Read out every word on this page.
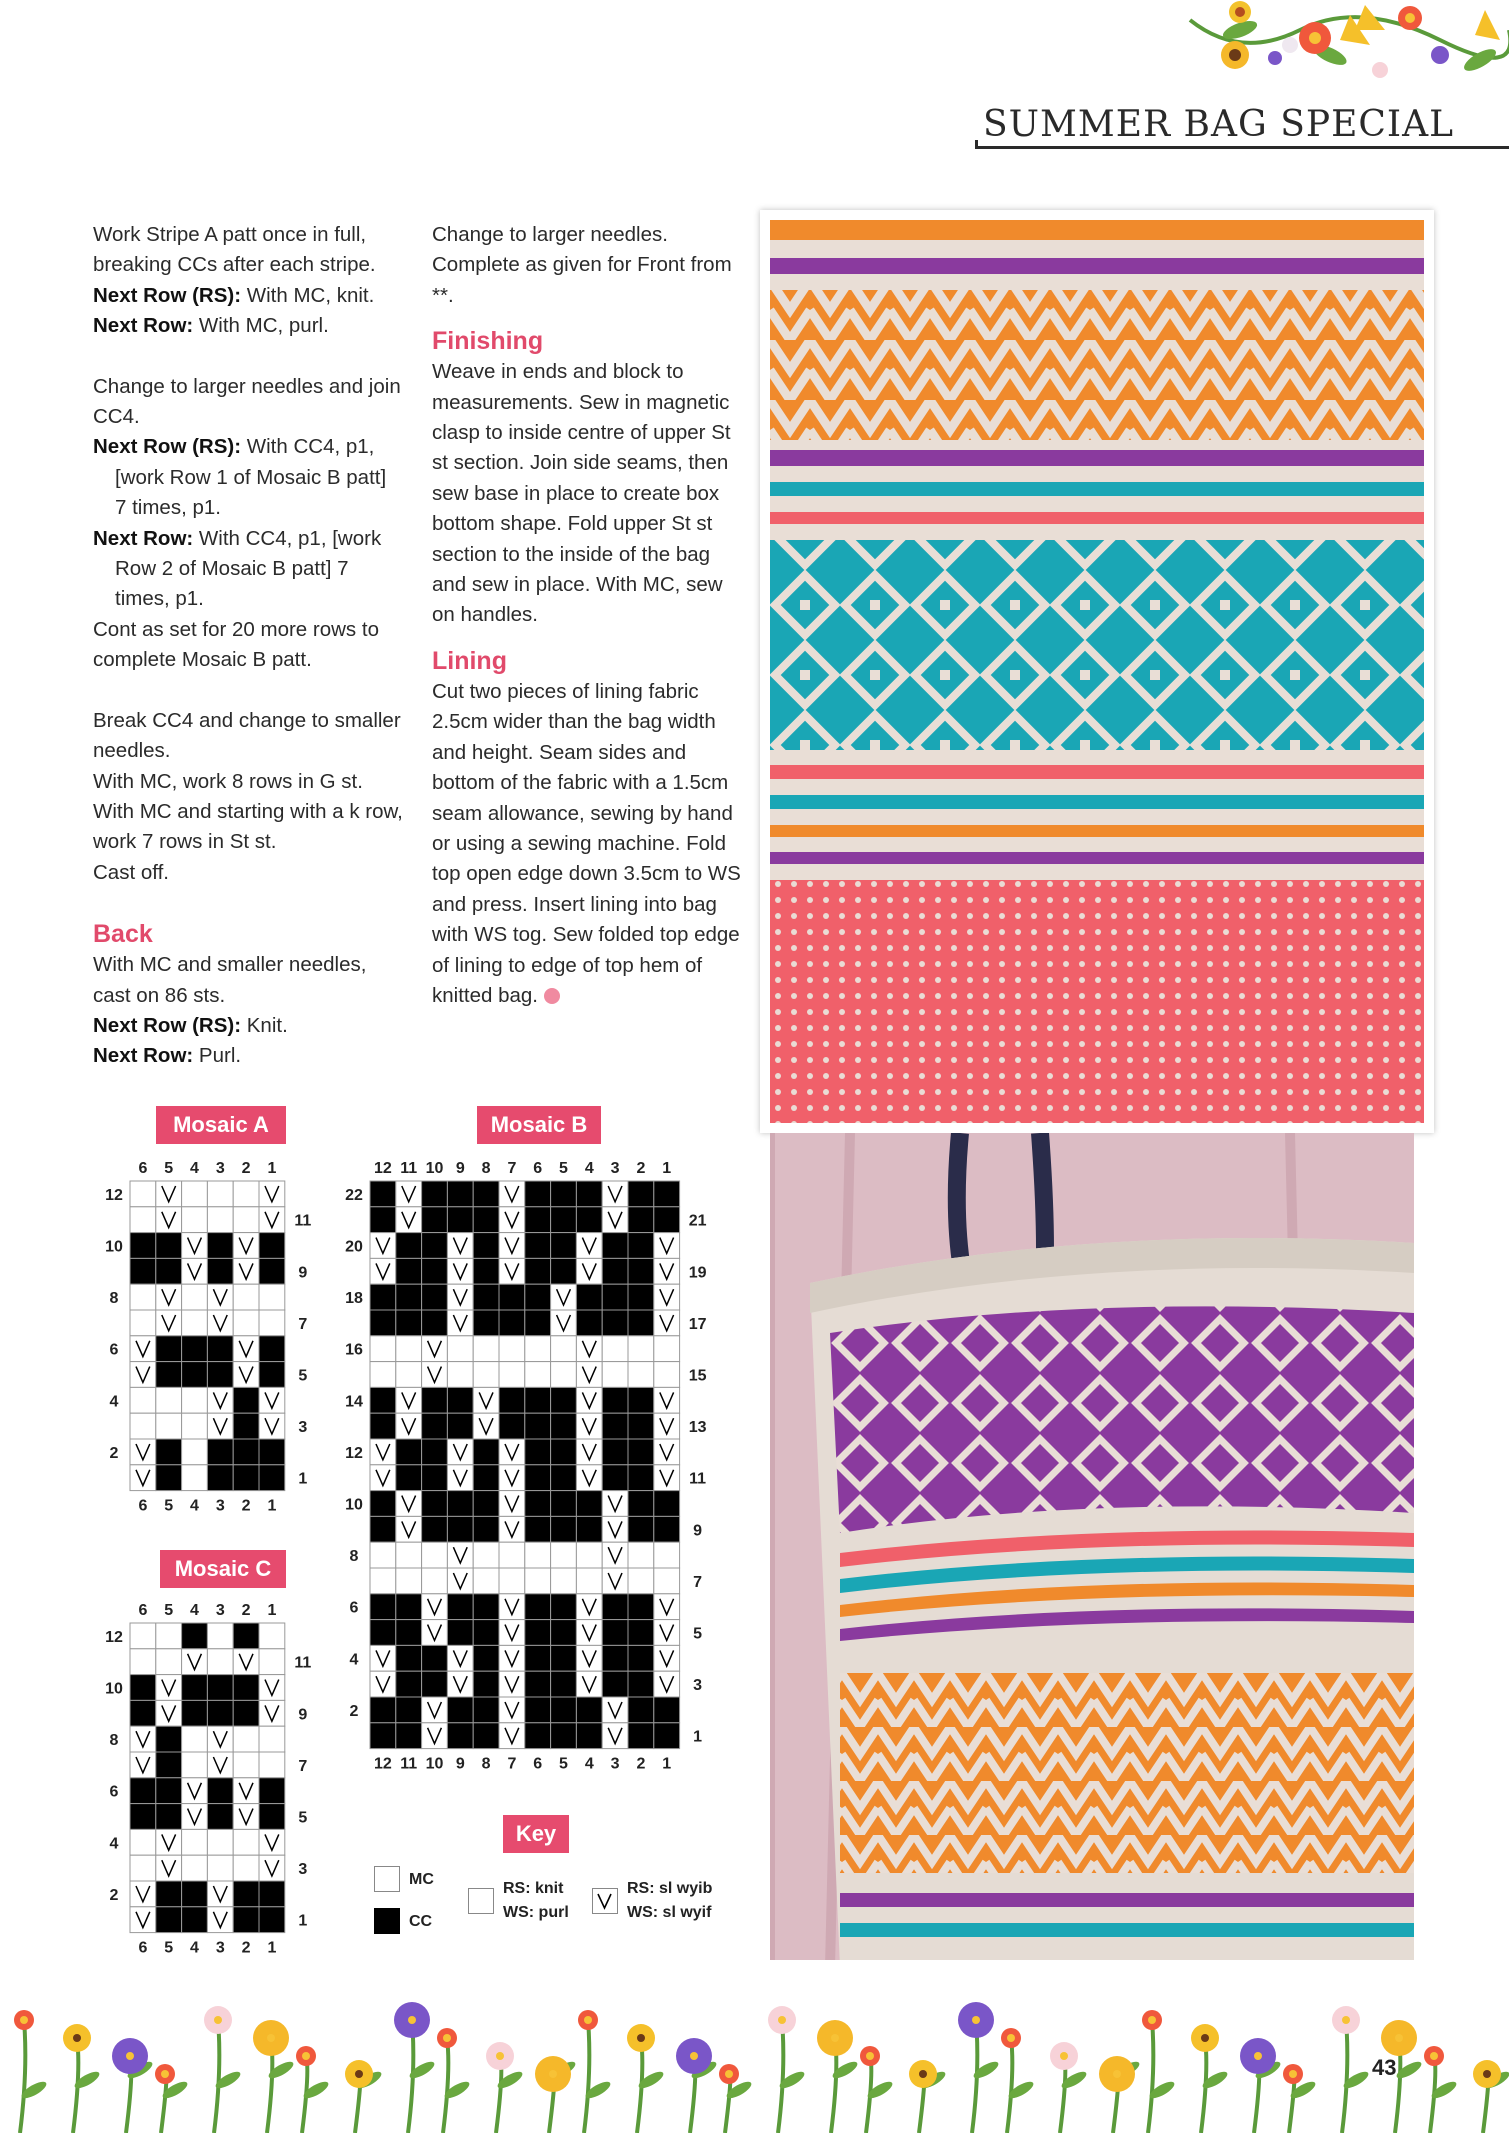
SUMMER BAG SPECIAL

Work Stripe A patt once in full, breaking CCs after each stripe.

Next Row (RS): With MC, knit.

Next Row: With MC, purl.

Change to larger needles and join CC4.

Next Row (RS): With CC4, p1, [work Row 1 of Mosaic B patt] 7 times, p1.

Next Row: With CC4, p1, [work Row 2 of Mosaic B patt] 7 times, p1.

Cont as set for 20 more rows to complete Mosaic B patt.

Break CC4 and change to smaller needles.

With MC, work 8 rows in G st.

With MC and starting with a k row, work 7 rows in St st.

Cast off.

Back

With MC and smaller needles, cast on 86 sts.

Next Row (RS): Knit.

Next Row: Purl.

Change to larger needles. Complete as given for Front from **.

Finishing

Weave in ends and block to measurements. Sew in magnetic clasp to inside centre of upper St st section. Join side seams, then sew base in place to create box bottom shape. Fold upper St st section to the inside of the bag and sew in place. With MC, sew on handles.

Lining

Cut two pieces of lining fabric 2.5cm wider than the bag width and height. Seam sides and bottom of the fabric with a 1.5cm seam allowance, sewing by hand or using a sewing machine. Fold top open edge down 3.5cm to WS and press. Insert lining into bag with WS tog. Sew folded top edge of lining to edge of top hem of knitted bag.

Mosaic A	Mosaic B
Mosaic C
6
6
5
5
4
4
3
3
2
2
1
1
12
11
10
9
8
7
6
5
4
3
2
1
12
12
11
11
10
10
9
9
8
8
7
7
6
6
5
5
4
4
3
3
2
2
1
1
22
21
20
19
18
17
16
15
14
13
12
11
10
9
8
7
6
5
4
3
2
1
6
6
5
5
4
4
3
3
2
2
1
1
12
11
10
9
8
7
6
5
4
3
2
1
Key
MC
CC
RS: knit
WS: purl
RS: sl wyib
WS: sl wyif
43
